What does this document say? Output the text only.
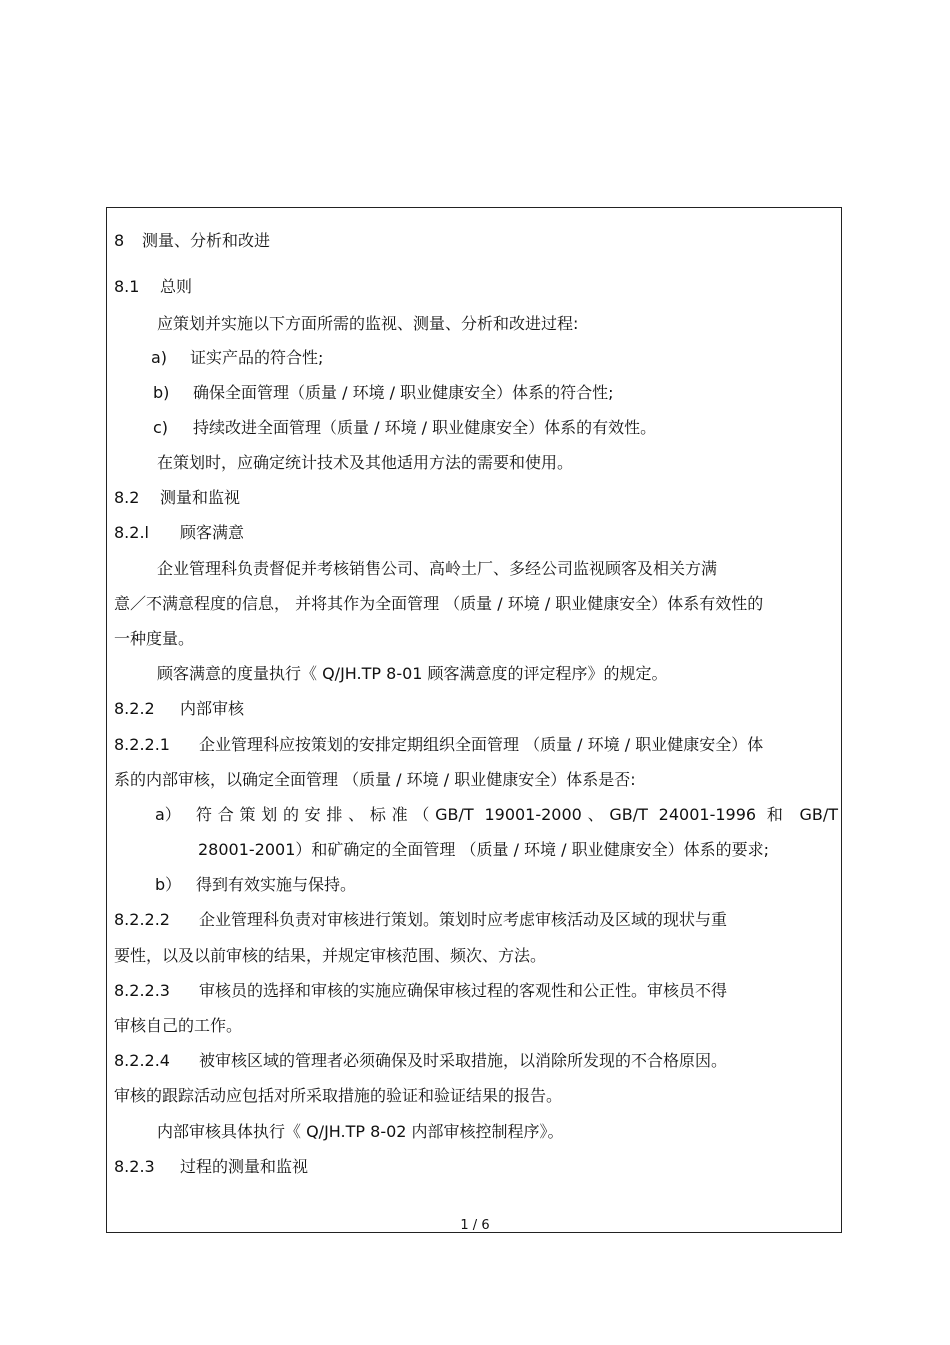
8 测量、分析和改进
8.1 总则

应策划并实施以下方面所需的监视、测量、分析和改进过程:

a) 证实产品的符合性;
b) 确保全面管理（质量 / 环境 / 职业健康安全）体系的符合性;
c) 持续改进全面管理（质量 / 环境 / 职业健康安全）体系的有效性。

在策划时，应确定统计技术及其他适用方法的需要和使用。

8.2 测量和监视
8.2.l 顾客满意

企业管理科负责督促并考核销售公司、高岭土厂、多经公司监视顾客及相关方满

意／不满意程度的信息， 并将其作为全面管理 （质量 / 环境 / 职业健康安全）体系有效性的

一种度量。

顾客满意的度量执行《 Q/JH.TP 8-01 顾客满意度的评定程序》的规定。

8.2.2 内部审核
8.2.2.1 企业管理科应按策划的安排定期组织全面管理 （质量 / 环境 / 职业健康安全）体

系的内部审核，以确定全面管理 （质量 / 环境 / 职业健康安全）体系是否:

a） 符合策划的安排、标准（GB/T 19001-2000、GB/T 24001-1996 和 GB/T

28001-2001）和矿确定的全面管理 （质量 / 环境 / 职业健康安全）体系的要求;

b） 得到有效实施与保持。
8.2.2.2 企业管理科负责对审核进行策划。策划时应考虑审核活动及区域的现状与重

要性，以及以前审核的结果，并规定审核范围、频次、方法。

8.2.2.3 审核员的选择和审核的实施应确保审核过程的客观性和公正性。审核员不得

审核自己的工作。

8.2.2.4 被审核区域的管理者必须确保及时采取措施，以消除所发现的不合格原因。

审核的跟踪活动应包括对所采取措施的验证和验证结果的报告。

内部审核具体执行《 Q/JH.TP 8-02 内部审核控制程序》。

8.2.3 过程的测量和监视
1 / 6
